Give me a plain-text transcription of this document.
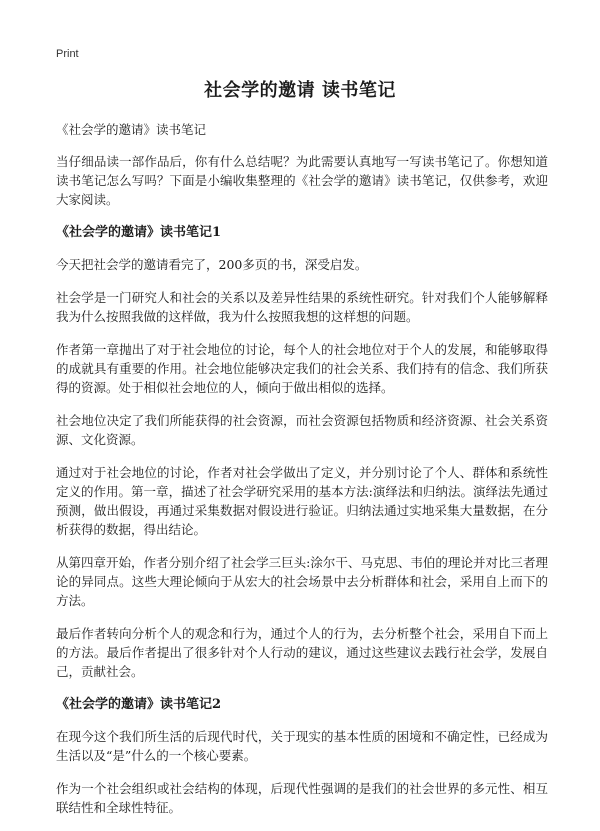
Print
社会学的邀请 读书笔记

《社会学的邀请》读书笔记

当仔细品读一部作品后，你有什么总结呢？为此需要认真地写一写读书笔记了。你想知道读书笔记怎么写吗？下面是小编收集整理的《社会学的邀请》读书笔记，仅供参考，欢迎大家阅读。

《社会学的邀请》读书笔记1

今天把社会学的邀请看完了，200多页的书，深受启发。

社会学是一门研究人和社会的关系以及差异性结果的系统性研究。针对我们个人能够解释我为什么按照我做的这样做，我为什么按照我想的这样想的问题。

作者第一章抛出了对于社会地位的讨论，每个人的社会地位对于个人的发展，和能够取得的成就具有重要的作用。社会地位能够决定我们的社会关系、我们持有的信念、我们所获得的资源。处于相似社会地位的人，倾向于做出相似的选择。

社会地位决定了我们所能获得的社会资源，而社会资源包括物质和经济资源、社会关系资源、文化资源。

通过对于社会地位的讨论，作者对社会学做出了定义，并分别讨论了个人、群体和系统性定义的作用。第一章，描述了社会学研究采用的基本方法:演绎法和归纳法。演绎法先通过预测，做出假设，再通过采集数据对假设进行验证。归纳法通过实地采集大量数据，在分析获得的数据，得出结论。

从第四章开始，作者分别介绍了社会学三巨头:涂尔干、马克思、韦伯的理论并对比三者理论的异同点。这些大理论倾向于从宏大的社会场景中去分析群体和社会，采用自上而下的方法。

最后作者转向分析个人的观念和行为，通过个人的行为，去分析整个社会，采用自下而上的方法。最后作者提出了很多针对个人行动的建议，通过这些建议去践行社会学，发展自己，贡献社会。

《社会学的邀请》读书笔记2

在现今这个我们所生活的后现代时代，关于现实的基本性质的困境和不确定性，已经成为生活以及“是”什么的一个核心要素。

作为一个社会组织或社会结构的体现，后现代性强调的是我们的社会世界的多元性、相互联结性和全球性特征。
